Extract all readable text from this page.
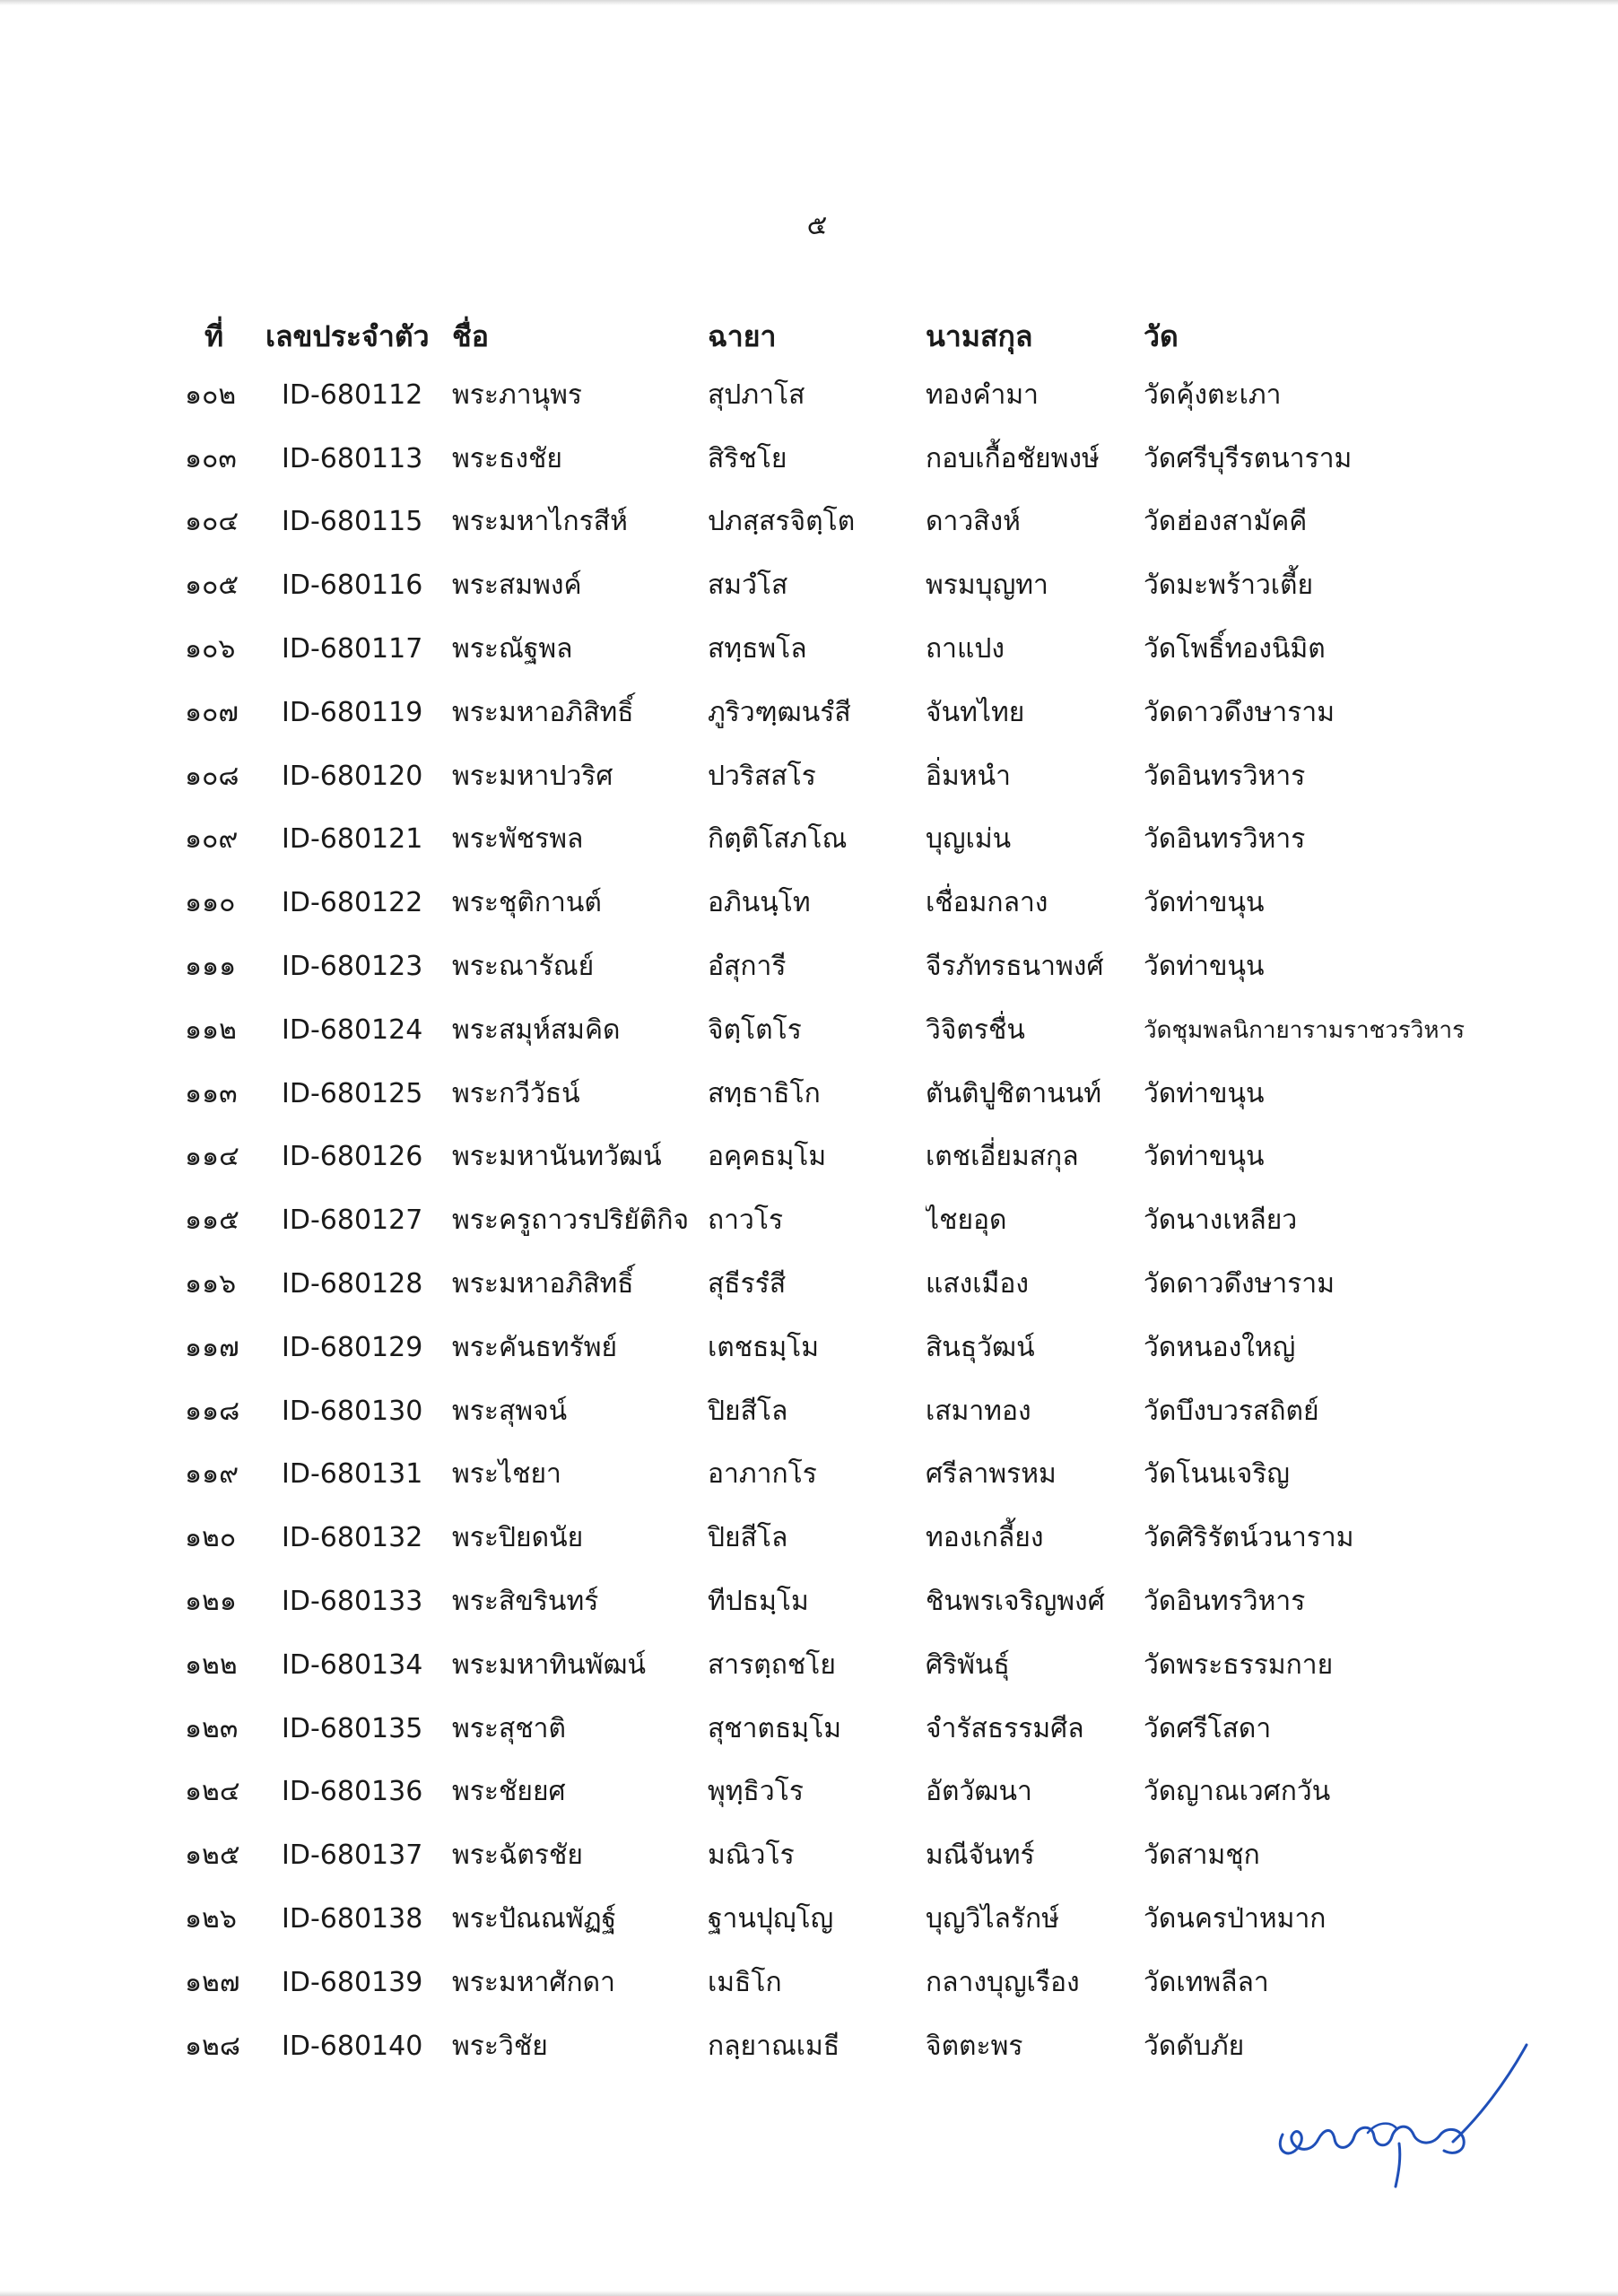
๕
ที่	เลขประจำตัว	ชื่อ	ฉายา	นามสกุล	วัด
๑๐๒	ID-680112	พระภานุพร	สุปภาโส	ทองคำมา	วัดคุ้งตะเภา
๑๐๓	ID-680113	พระธงชัย	สิริชโย	กอบเกื้อชัยพงษ์	วัดศรีบุรีรตนาราม
๑๐๔	ID-680115	พระมหาไกรสีห์	ปภสฺสรจิตฺโต	ดาวสิงห์	วัดฮ่องสามัคคี
๑๐๕	ID-680116	พระสมพงค์	สมวํโส	พรมบุญทา	วัดมะพร้าวเตี้ย
๑๐๖	ID-680117	พระณัฐพล	สทฺธพโล	ถาแปง	วัดโพธิ์ทองนิมิต
๑๐๗	ID-680119	พระมหาอภิสิทธิ์	ภูริวฑฺฒนรํสี	จันทไทย	วัดดาวดึงษาราม
๑๐๘	ID-680120	พระมหาปวริศ	ปวริสสโร	อิ่มหนำ	วัดอินทรวิหาร
๑๐๙	ID-680121	พระพัชรพล	กิตฺติโสภโณ	บุญเม่น	วัดอินทรวิหาร
๑๑๐	ID-680122	พระชุติกานต์	อภินนฺโท	เชื่อมกลาง	วัดท่าขนุน
๑๑๑	ID-680123	พระณารัณย์	อํสุการี	จีรภัทรธนาพงศ์	วัดท่าขนุน
๑๑๒	ID-680124	พระสมุห์สมคิด	จิตฺโตโร	วิจิตรชื่น	วัดชุมพลนิกายารามราชวรวิหาร
๑๑๓	ID-680125	พระกวีวัธน์	สทฺธาธิโก	ตันติปูชิตานนท์	วัดท่าขนุน
๑๑๔	ID-680126	พระมหานันทวัฒน์	อคฺคธมฺโม	เตชเอี่ยมสกุล	วัดท่าขนุน
๑๑๕	ID-680127	พระครูถาวรปริยัติกิจ	ถาวโร	ไชยอุด	วัดนางเหลียว
๑๑๖	ID-680128	พระมหาอภิสิทธิ์	สุธีรรํสี	แสงเมือง	วัดดาวดึงษาราม
๑๑๗	ID-680129	พระคันธทรัพย์	เตชธมฺโม	สินธุวัฒน์	วัดหนองใหญ่
๑๑๘	ID-680130	พระสุพจน์	ปิยสีโล	เสมาทอง	วัดบึงบวรสถิตย์
๑๑๙	ID-680131	พระไชยา	อาภากโร	ศรีลาพรหม	วัดโนนเจริญ
๑๒๐	ID-680132	พระปิยดนัย	ปิยสีโล	ทองเกลี้ยง	วัดศิริรัตน์วนาราม
๑๒๑	ID-680133	พระสิขรินทร์	ทีปธมฺโม	ชินพรเจริญพงศ์	วัดอินทรวิหาร
๑๒๒	ID-680134	พระมหาทินพัฒน์	สารตฺถชโย	ศิริพันธุ์	วัดพระธรรมกาย
๑๒๓	ID-680135	พระสุชาติ	สุชาตธมฺโม	จำรัสธรรมศีล	วัดศรีโสดา
๑๒๔	ID-680136	พระชัยยศ	พุทฺธิวโร	อัตวัฒนา	วัดญาณเวศกวัน
๑๒๕	ID-680137	พระฉัตรชัย	มณิวโร	มณีจันทร์	วัดสามชุก
๑๒๖	ID-680138	พระปัณณพัฏฐ์	ฐานปุญฺโญ	บุญวิไลรักษ์	วัดนครป่าหมาก
๑๒๗	ID-680139	พระมหาศักดา	เมธิโก	กลางบุญเรือง	วัดเทพลีลา
๑๒๘	ID-680140	พระวิชัย	กลฺยาณเมธี	จิตตะพร	วัดดับภัย
